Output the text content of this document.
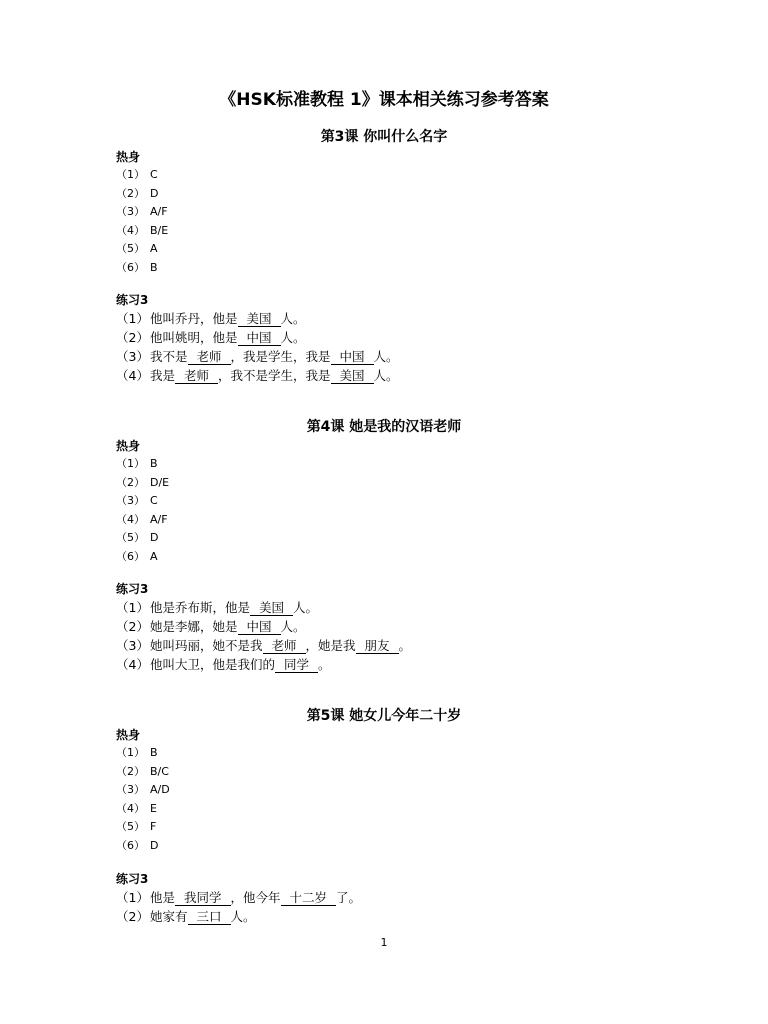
《HSK标准教程 1》课本相关练习参考答案
第3课 你叫什么名字
热身
（1） C
（2） D
（3） A/F
（4） B/E
（5） A
（6） B
练习3
（1）他叫乔丹，他是 美国 人。
（2）他叫姚明，他是 中国 人。
（3）我不是 老师 ，我是学生，我是 中国 人。
（4）我是 老师 ，我不是学生，我是 美国 人。
第4课 她是我的汉语老师
热身
（1） B
（2） D/E
（3） C
（4） A/F
（5） D
（6） A
练习3
（1）他是乔布斯，他是 美国 人。
（2）她是李娜，她是 中国 人。
（3）她叫玛丽，她不是我 老师 ，她是我 朋友 。
（4）他叫大卫，他是我们的 同学 。
第5课 她女儿今年二十岁
热身
（1） B
（2） B/C
（3） A/D
（4） E
（5） F
（6） D
练习3
（1）他是 我同学 ，他今年 十二岁 了。
（2）她家有 三口 人。
1
